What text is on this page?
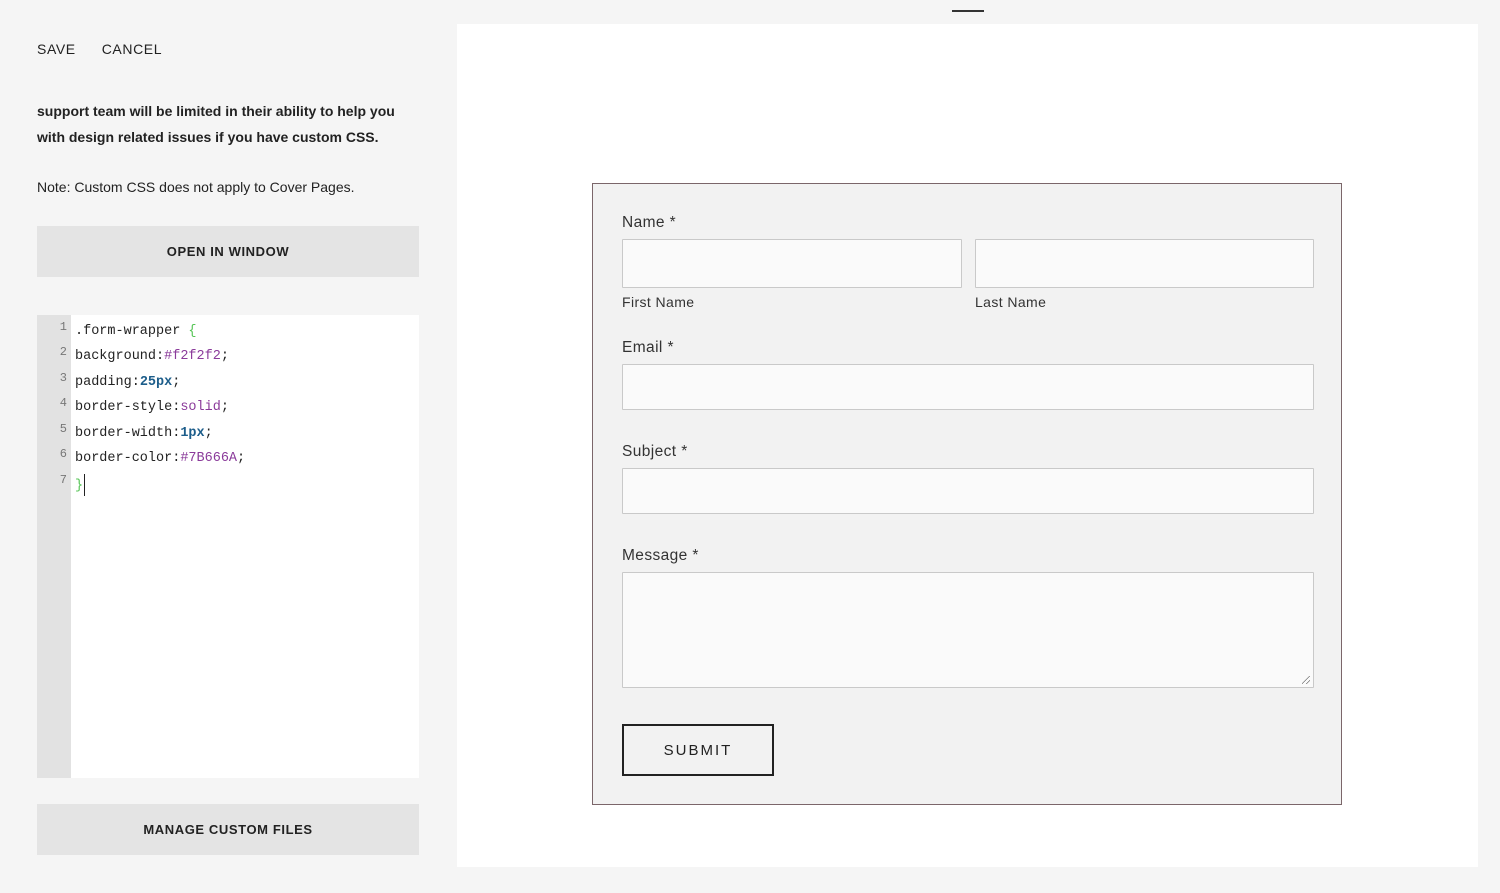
SAVE CANCEL
support team will be limited in their ability to help you with design related issues if you have custom CSS.
Note: Custom CSS does not apply to Cover Pages.
OPEN IN WINDOW
1
2
3
4
5
6
7
.form-wrapper {
background:#f2f2f2;
padding:25px;
border-style:solid;
border-width:1px;
border-color:#7B666A;
}
MANAGE CUSTOM FILES
Name *
First Name	Last Name
Email *
Subject *
Message *
SUBMIT
